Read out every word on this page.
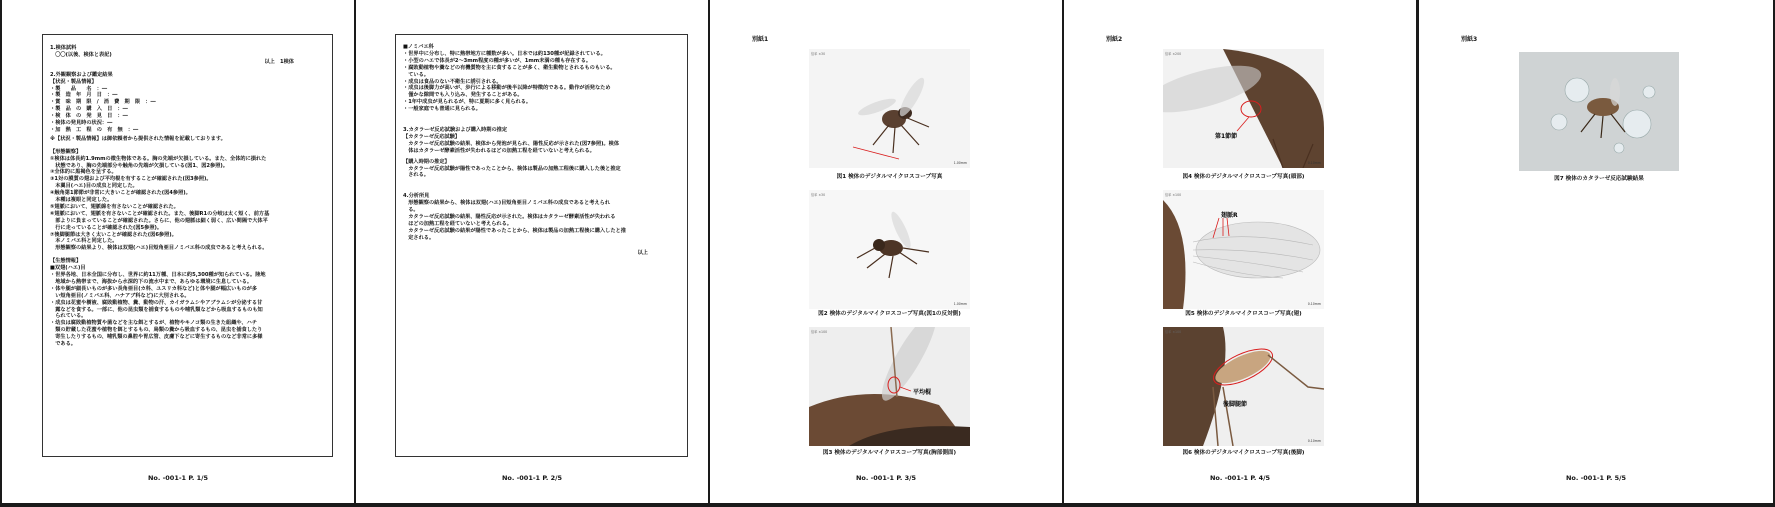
1.検体試料
　〇〇(以後、検体と表記)
以上　1検体
2.外観観察および鑑定結果
【状況・製品情報】
・製　　品　　名　：―
・製　造　年　月　日　：―
・賞　味　期　限　/　消　費　期　限　：―
・製　品　の　購　入　日　：―
・検　体　の　発　見　日　：―
・検体の発見時の状況：―
・加　熱　工　程　の　有　無　：―
※【状況・製品情報】は御依頼者から提供された情報を記載しております。
【形態観察】
①検体は体長約1.9mmの微生物体である。胸の先端が欠損している。また、全体的に損れた
　状態であり、胸の先端部分や触角の先端が欠損している(図1、図2参照)。
②全体的に黒褐色を呈する。
③1対の膜質の翅および平均棍を有することが確認された(図3参照)。
　本翼目(ハエ)目の成虫と同定した。
④触角第1節節が非常に大きいことが確認された(図4参照)。
　本種は複眼と同定した。
⑤翅脈において、翅脈線を有さないことが確認された。
⑥翅脈において、翅脈を有さないことが確認された。また、後脚R1の分岐は太く短く、前方基
　部よりに負まっていることが確認された。さらに、他の翅脈は細く弱く、広い間隔で大体平
　行に走っていることが確認された(図5参照)。
⑦後脚腿節は大きく太いことが確認された(図6参照)。
　本ノミバエ科と同定した。
　形態観察の結果より、検体は双翅(ハエ)目短角亜目ノミバエ科の成虫であると考えられる。
【生態情報】
■双翅(ハエ)目
・世界各地、日本全国に分布し、世界に約11万種、日本に約5,300種が知られている。陸地
　地域から熱帯まで、海抜から水深的下の流水中まで、あらゆる環境に生息している。
・体や腿が細長いものが多い長角亜目(カ科、ユスリカ科など)と体や腿が幅広いものが多
　い短角亜目(ノミバエ科、ハナアブ科など)に大別される。
・成虫は花蜜や樹液、腐敗動植物、糞、動物の汗、カイガラムシやアブラムシが分泌する甘
　露などを食する。一部に、他の昆虫類を捕食するものや哺乳類などから吸血するものも知
　られている。
・幼虫は腐敗動植物質や菌などを主な餌とするが、植物やキノコ類の生きた組織や、ハチ
　類の貯蔵した花蜜や植物を餌とするもの、鳥類の糞から吸血するもの、昆虫を捕食したり
　寄生したりするもの、哺乳類の鼻腔や胃広管、皮膚下などに寄生するものなど非常に多様
　である。
No. -001-1 P. 1/5
■ノミバエ科
・世界中に分布し、特に熱帯地方に種数が多い。日本では約130種が記録されている。
・小型のハエで体長が2～3mm程度の種が多いが、1mm未満の種も存在する。
・腐敗動植物や糞などの有機質物を主に食することが多く、衛生動物とされるものもいる。
　ている。
・成虫は食品のない不衛生に誘引される。
・成虫は後脚力が高いが、歩行による移動が後半以降が特徴的である。動作が活発なため
　僅かな隙間でも入り込み、発生することがある。
・1年中成虫が見られるが、特に夏期に多く見られる。
・一般家庭でも普通に見られる。
3.カタラーゼ反応試験および購入時期の推定
【カタラーゼ反応試験】
　カタラーゼ反応試験の結果、検体から発泡が見られ、陽性反応が示された(図7参照)。検体
　体はカタラーゼ酵素活性が失われるほどの加熱工程を経ていないと考えられる。
【購入時期の推定】
　カタラーゼ反応試験が陽性であったことから、検体は製品の加熱工程後に購入した後と推定
　される。
4.分析所見
　形態観察の結果から、検体は双翅(ハエ)目短角亜目ノミバエ科の成虫であると考えられ
　る。
　カタラーゼ反応試験の結果、陽性反応が示された。検体はカタラーゼ酵素活性が失われる
　ほどの加熱工程を経ていないと考えられる。
　カタラーゼ反応試験の結果が陽性であったことから、検体は製品の加熱工程後に購入したと推
　定される。
以上
No. -001-1 P. 2/5
別紙1
倍率 ×30
1.00mm
図1 検体のデジタルマイクロスコープ写真
倍率 ×30
1.00mm
図2 検体のデジタルマイクロスコープ写真(図1の反対側)
倍率 ×100
平均棍
図3 検体のデジタルマイクロスコープ写真(胸部側面)
No. -001-1 P. 3/5
別紙2
倍率 ×200
第1節節
0.10mm
図4 検体のデジタルマイクロスコープ写真(頭部)
倍率 ×100
翅脈R
0.10mm
図5 検体のデジタルマイクロスコープ写真(翅)
倍率 ×100
後脚腿節
0.10mm
図6 検体のデジタルマイクロスコープ写真(後脚)
No. -001-1 P. 4/5
別紙3
図7 検体のカタラーゼ反応試験結果
No. -001-1 P. 5/5
